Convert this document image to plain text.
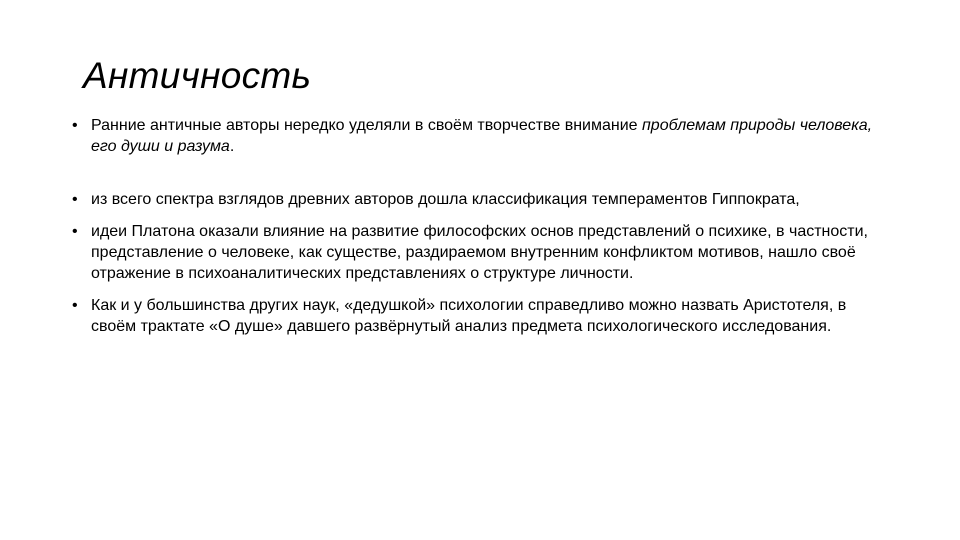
Античность
• Ранние античные авторы нередко уделяли в своём творчестве внимание проблемам природы человека, его души и разума.
• из всего спектра взглядов древних авторов дошла классификация темпераментов Гиппократа,
• идеи Платона оказали влияние на развитие философских основ представлений о психике, в частности, представление о человеке, как существе, раздираемом внутренним конфликтом мотивов, нашло своё отражение в психоаналитических представлениях о структуре личности.
• Как и у большинства других наук, «дедушкой» психологии справедливо можно назвать Аристотеля, в своём трактате «О душе» давшего развёрнутый анализ предмета психологического исследования.
